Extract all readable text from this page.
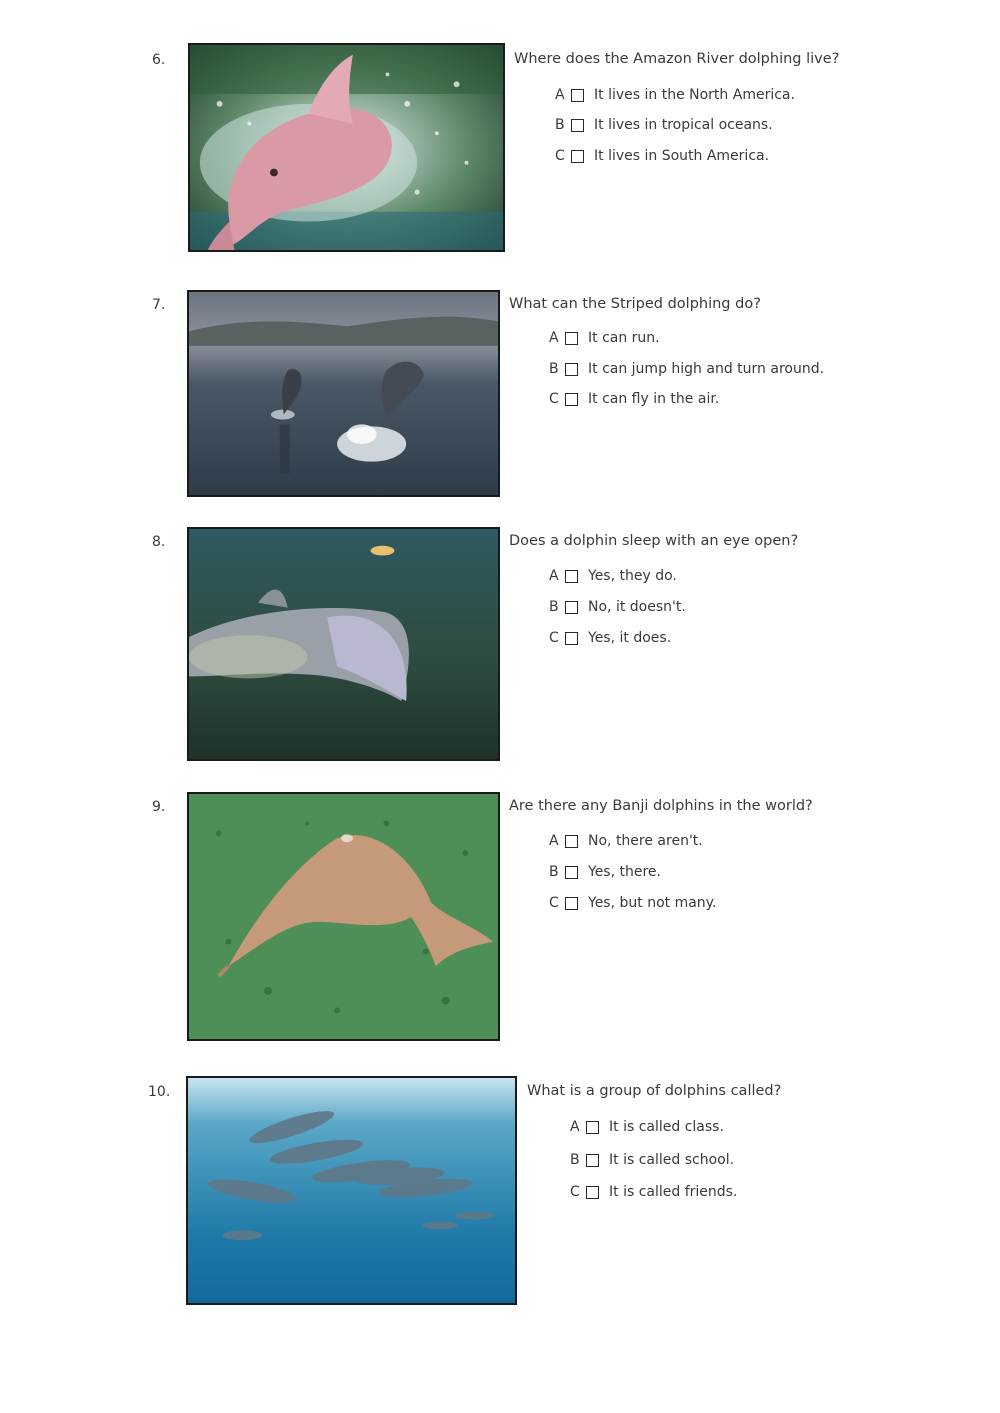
6.	Where does the Amazon River dolphing live?
A	It lives in the North America.
B	It lives in tropical oceans.
C	It lives in South America.
7.	What can the Striped dolphing do?
A	It can run.
B	It can jump high and turn around.
C	It can fly in the air.
8.	Does a dolphin sleep with an eye open?
A	Yes, they do.
B	No, it doesn't.
C	Yes, it does.
9.	Are there any Banji dolphins in the world?
A	No, there aren't.
B	Yes, there.
C	Yes, but not many.
10.	What is a group of dolphins called?
A	It is called class.
B	It is called school.
C	It is called friends.
